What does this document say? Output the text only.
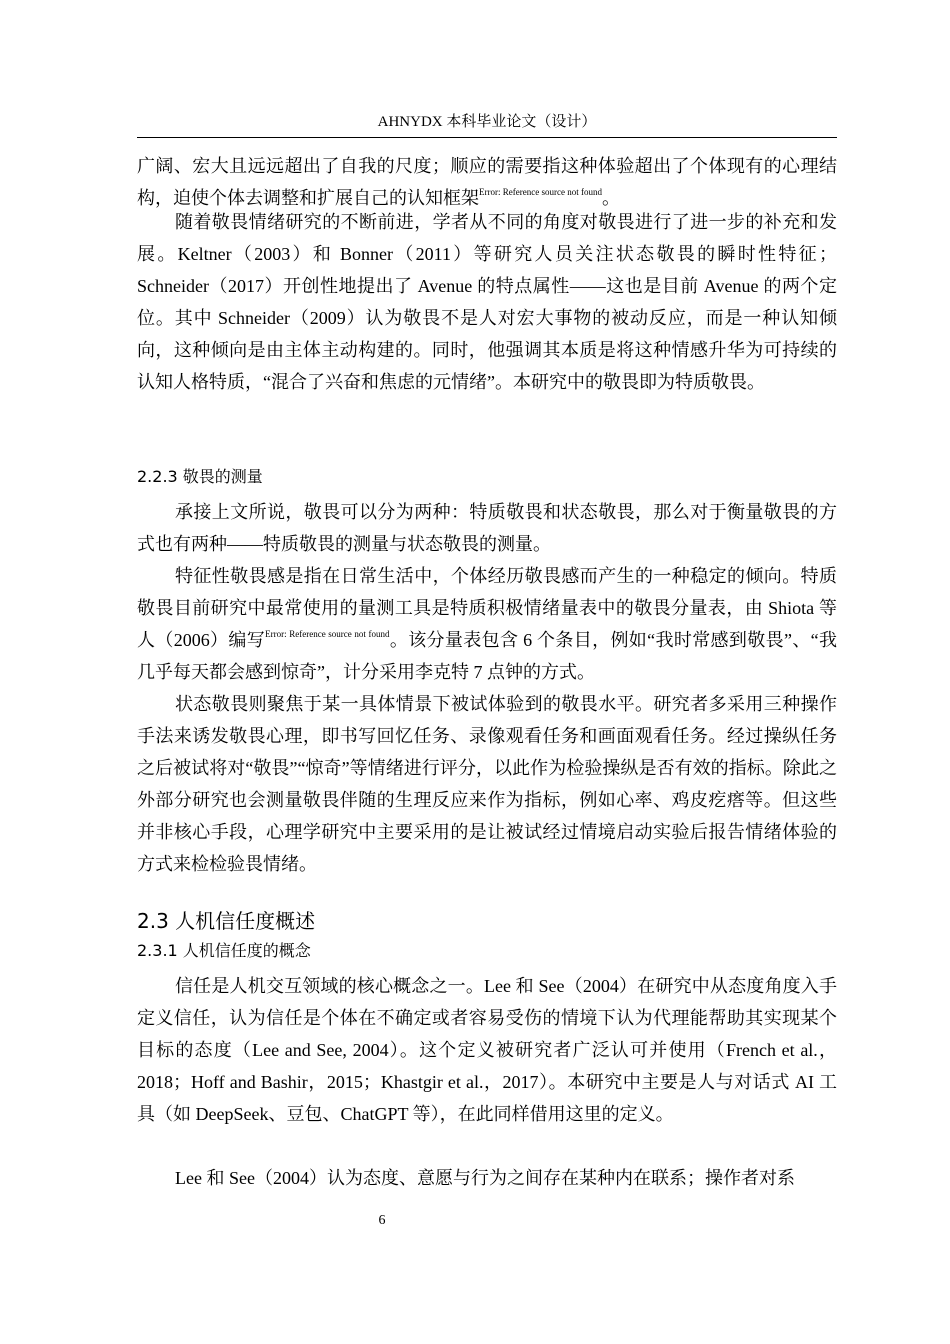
AHNYDX 本科毕业论文（设计）

广阔、宏大且远远超出了自我的尺度；顺应的需要指这种体验超出了个体现有的心理结构，迫使个体去调整和扩展自己的认知框架$^{Error: Reference source not found}$。

随着敬畏情绪研究的不断前进，学者从不同的角度对敬畏进行了进一步的补充和发展。Keltner（2003）和 Bonner（2011）等研究人员关注状态敬畏的瞬时性特征；Schneider（2017）开创性地提出了 Avenue 的特点属性——这也是目前 Avenue 的两个定位。其中 Schneider（2009）认为敬畏不是人对宏大事物的被动反应，而是一种认知倾向，这种倾向是由主体主动构建的。同时，他强调其本质是将这种情感升华为可持续的认知人格特质，“混合了兴奋和焦虑的元情绪”。本研究中的敬畏即为特质敬畏。

2.2.3 敬畏的测量

承接上文所说，敬畏可以分为两种：特质敬畏和状态敬畏，那么对于衡量敬畏的方式也有两种——特质敬畏的测量与状态敬畏的测量。

特征性敬畏感是指在日常生活中，个体经历敬畏感而产生的一种稳定的倾向。特质敬畏目前研究中最常使用的量测工具是特质积极情绪量表中的敬畏分量表，由 Shiota 等人（2006）编写$^{Error: Reference source not found}$。该分量表包含 6 个条目，例如“我时常感到敬畏”、“我几乎每天都会感到惊奇”，计分采用李克特 7 点钟的方式。

状态敬畏则聚焦于某一具体情景下被试体验到的敬畏水平。研究者多采用三种操作手法来诱发敬畏心理，即书写回忆任务、录像观看任务和画面观看任务。经过操纵任务之后被试将对“敬畏”“惊奇”等情绪进行评分，以此作为检验操纵是否有效的指标。除此之外部分研究也会测量敬畏伴随的生理反应来作为指标，例如心率、鸡皮疙瘩等。但这些并非核心手段，心理学研究中主要采用的是让被试经过情境启动实验后报告情绪体验的方式来检检验畏情绪。

2.3 人机信任度概述
2.3.1 人机信任度的概念

信任是人机交互领域的核心概念之一。Lee 和 See（2004）在研究中从态度角度入手定义信任，认为信任是个体在不确定或者容易受伤的情境下认为代理能帮助其实现某个目标的态度（Lee and See, 2004）。这个定义被研究者广泛认可并使用（French et al.，2018；Hoff and Bashir，2015；Khastgir et al.，2017）。本研究中主要是人与对话式 AI 工具（如 DeepSeek、豆包、ChatGPT 等），在此同样借用这里的定义。

Lee 和 See（2004）认为态度、意愿与行为之间存在某种内在联系；操作者对系

6
